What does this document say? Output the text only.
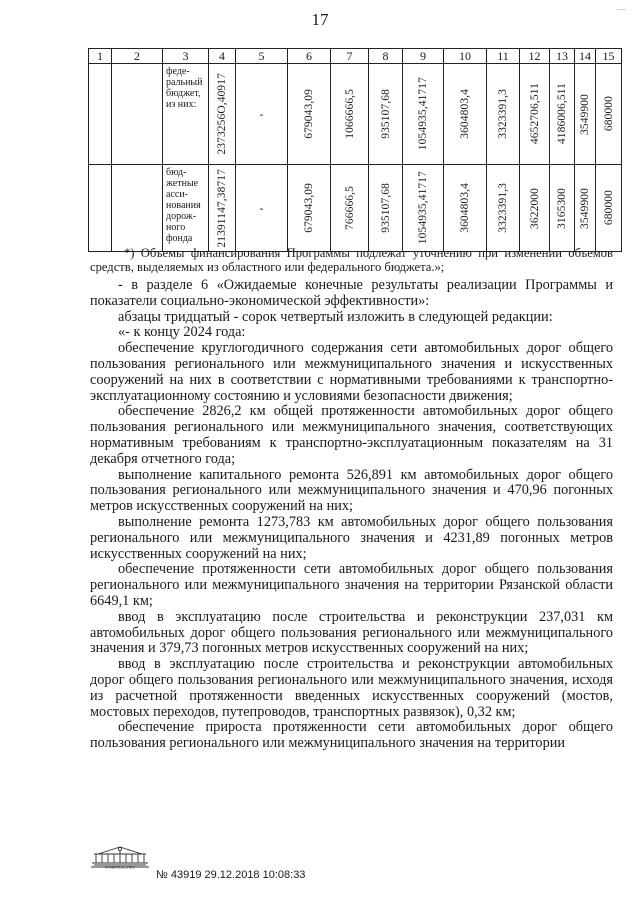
17
—
1	2	3	4	5	6	7	8	9	10	11	12	13	14	15
		феде-ральный бюджет, из них:	2373256О,40917	-	679043,09	1066666,5	935107,68	1054935,41717	3604803,4	3323391,3	4652706,511	4186006,511	3549900	680000

		бюд-жетные асси-нования дорож-ного фонда	21391147,38717	-	679043,09	766666,5	935107,68	1054935,41717	3604803,4	3323391,3	3622000	3165300	3549900	680000

*) Объемы финансирования Программы подлежат уточнению при изменении объемов средств, выделяемых из областного или федерального бюджета.»;

- в разделе 6 «Ожидаемые конечные результаты реализации Программы и показатели социально-экономической эффективности»:

абзацы тридцатый - сорок четвертый изложить в следующей редакции:

«- к концу 2024 года:

обеспечение круглогодичного содержания сети автомобильных дорог общего пользования регионального или межмуниципального значения и искусственных сооружений на них в соответствии с нормативными требованиями к транспортно-эксплуатационному состоянию и условиями безопасности движения;

обеспечение 2826,2 км общей протяженности автомобильных дорог общего пользования регионального или межмуниципального значения, соответствующих нормативным требованиям к транспортно-эксплуатационным показателям на 31 декабря отчетного года;

выполнение капитального ремонта 526,891 км автомобильных дорог общего пользования регионального или межмуниципального значения и 470,96 погонных метров искусственных сооружений на них;

выполнение ремонта 1273,783 км автомобильных дорог общего пользования регионального или межмуниципального значения и 4231,89 погонных метров искусственных сооружений на них;

обеспечение протяженности сети автомобильных дорог общего пользования регионального или межмуниципального значения на территории Рязанской области 6649,1 км;

ввод в эксплуатацию после строительства и реконструкции 237,031 км автомобильных дорог общего пользования регионального или межмуниципального значения и 379,73 погонных метров искусственных сооружений на них;

ввод в эксплуатацию после строительства и реконструкции автомобильных дорог общего пользования регионального или межмуниципального значения, исходя из расчетной протяженности введенных искусственных сооружений (мостов, мостовых переходов, путепроводов, транспортных развязок), 0,32 км;

обеспечение прироста протяженности сети автомобильных дорог общего пользования регионального или межмуниципального значения на территории

ПРАВИТЕЛЬСТВО
№ 43919 29.12.2018 10:08:33
